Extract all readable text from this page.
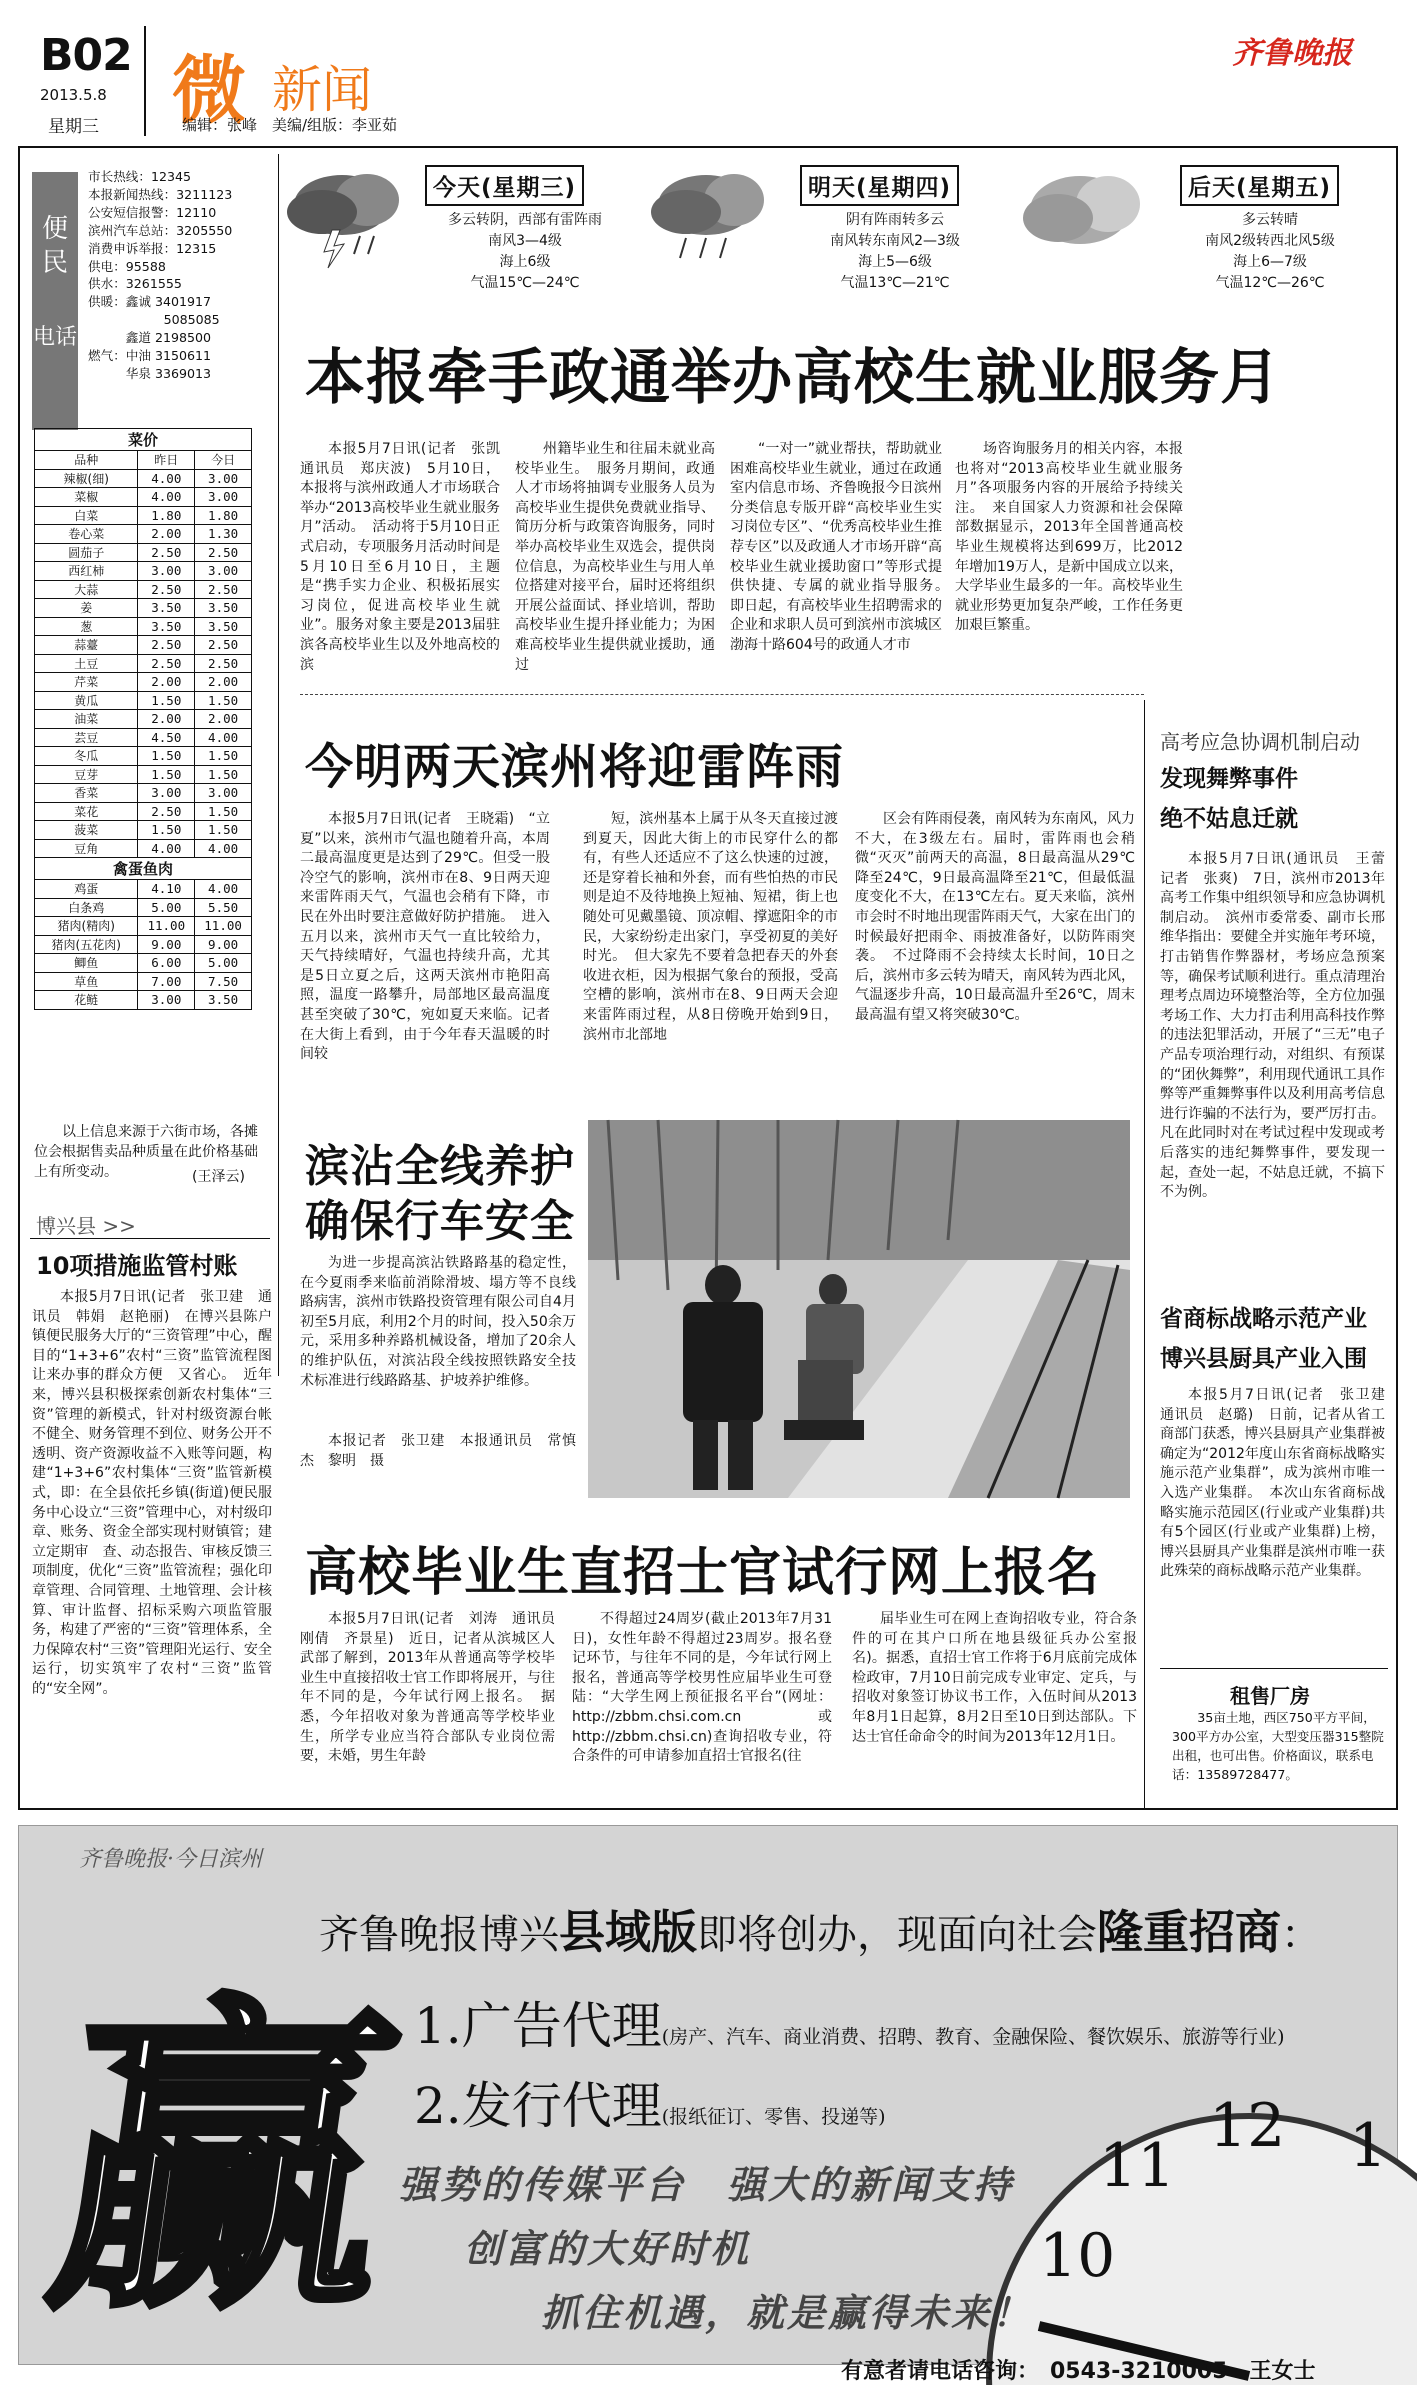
B02
2013.5.8
星期三 微 新闻
编辑：张峰　美编/组版：李亚茹
齐鲁晚报
便民
电话
市长热线：12345
本报新闻热线：3211123
公安短信报警：12110
滨州汽车总站：3205550
消费申诉举报：12315
供电：95588
供水：3261555
供暖：鑫诚 3401917
　　　　　　5085085
　　　鑫道 2198500
燃气：中油 3150611
　　　华泉 3369013
今天(星期三)
多云转阴，西部有雷阵雨
南风3—4级
海上6级
气温15℃—24℃
明天(星期四)
阴有阵雨转多云
南风转东南风2—3级
海上5—6级
气温13℃—21℃
后天(星期五)
多云转晴
南风2级转西北风5级
海上6—7级
气温12℃—26℃
本报牵手政通举办高校生就业服务月
本报5月7日讯(记者　张凯　通讯员　郑庆波)　5月10日，本报将与滨州政通人才市场联合举办“2013高校毕业生就业服务月”活动。　活动将于5月10日正式启动，专项服务月活动时间是5月10日至6月10日，主题是“携手实力企业、积极拓展实习岗位，促进高校毕业生就业”。服务对象主要是2013届驻滨各高校毕业生以及外地高校的滨
州籍毕业生和往届未就业高校毕业生。　服务月期间，政通人才市场将抽调专业服务人员为高校毕业生提供免费就业指导、简历分析与政策咨询服务，同时举办高校毕业生双选会，提供岗位信息，为高校毕业生与用人单位搭建对接平台，届时还将组织开展公益面试、择业培训，帮助高校毕业生提升择业能力；为困难高校毕业生提供就业援助，通过
“一对一”就业帮扶，帮助就业困难高校毕业生就业，通过在政通室内信息市场、齐鲁晚报今日滨州分类信息专版开辟“高校毕业生实习岗位专区”、“优秀高校毕业生推荐专区”以及政通人才市场开辟“高校毕业生就业援助窗口”等形式提供快捷、专属的就业指导服务。　即日起，有高校毕业生招聘需求的企业和求职人员可到滨州市滨城区渤海十路604号的政通人才市
场咨询服务月的相关内容，本报也将对“2013高校毕业生就业服务月”各项服务内容的开展给予持续关注。　来自国家人力资源和社会保障部数据显示，2013年全国普通高校毕业生规模将达到699万，比2012年增加19万人，是新中国成立以来，大学毕业生最多的一年。高校毕业生就业形势更加复杂严峻，工作任务更加艰巨繁重。
今明两天滨州将迎雷阵雨
本报5月7日讯(记者　王晓霜)　“立夏”以来，滨州市气温也随着升高，本周二最高温度更是达到了29℃。但受一股冷空气的影响，滨州市在8、9日两天迎来雷阵雨天气，气温也会稍有下降，市民在外出时要注意做好防护措施。　进入五月以来，滨州市天气一直比较给力，天气持续晴好，气温也持续升高，尤其是5日立夏之后，这两天滨州市艳阳高照，温度一路攀升，局部地区最高温度甚至突破了30℃，宛如夏天来临。记者在大街上看到，由于今年春天温暖的时间较
短，滨州基本上属于从冬天直接过渡到夏天，因此大街上的市民穿什么的都有，有些人还适应不了这么快速的过渡，还是穿着长袖和外套，而有些怕热的市民则是迫不及待地换上短袖、短裙，街上也随处可见戴墨镜、顶凉帽、撑遮阳伞的市民，大家纷纷走出家门，享受初夏的美好时光。　但大家先不要着急把春天的外套收进衣柜，因为根据气象台的预报，受高空槽的影响，滨州市在8、9日两天会迎来雷阵雨过程，从8日傍晚开始到9日，滨州市北部地
区会有阵雨侵袭，南风转为东南风，风力不大，在3级左右。届时，雷阵雨也会稍微“灭灭”前两天的高温，8日最高温从29℃降至24℃，9日最高温降至21℃，但最低温度变化不大，在13℃左右。夏天来临，滨州市会时不时地出现雷阵雨天气，大家在出门的时候最好把雨伞、雨披准备好，以防阵雨突袭。　不过降雨不会持续太长时间，10日之后，滨州市多云转为晴天，南风转为西北风，气温逐步升高，10日最高温升至26℃，周末最高温有望又将突破30℃。
滨沾全线养护
确保行车安全
为进一步提高滨沾铁路路基的稳定性，在今夏雨季来临前消除滑坡、塌方等不良线路病害，滨州市铁路投资管理有限公司自4月初至5月底，利用2个月的时间，投入50余万元，采用多种养路机械设备，增加了20余人的维护队伍，对滨沾段全线按照铁路安全技术标准进行线路路基、护坡养护维修。
本报记者　张卫建　本报通讯员　常慎杰　黎明　摄
高校毕业生直招士官试行网上报名
本报5月7日讯(记者　刘涛　通讯员　刚倩　齐景星)　近日，记者从滨城区人武部了解到，2013年从普通高等学校毕业生中直接招收士官工作即将展开，与往年不同的是，今年试行网上报名。　据悉，今年招收对象为普通高等学校毕业生，所学专业应当符合部队专业岗位需要，未婚，男生年龄
不得超过24周岁(截止2013年7月31日)，女性年龄不得超过23周岁。报名登记环节，与往年不同的是，今年试行网上报名，普通高等学校男性应届毕业生可登陆：“大学生网上预征报名平台”(网址：http://zbbm.chsi.com.cn或http://zbbm.chsi.cn)查询招收专业，符合条件的可申请参加直招士官报名(往
届毕业生可在网上查询招收专业，符合条件的可在其户口所在地县级征兵办公室报名)。据悉，直招士官工作将于6月底前完成体检政审，7月10日前完成专业审定、定兵，与招收对象签订协议书工作，入伍时间从2013年8月1日起算，8月2日至10日到达部队。下达士官任命命令的时间为2013年12月1日。
菜价		
品种	昨日	今日
辣椒(细)	4.00	3.00
菜椒	4.00	3.00
白菜	1.80	1.80
卷心菜	2.00	1.30
圆茄子	2.50	2.50
西红柿	3.00	3.00
大蒜	2.50	2.50
姜	3.50	3.50
葱	3.50	3.50
蒜薹	2.50	2.50
土豆	2.50	2.50
芹菜	2.00	2.00
黄瓜	1.50	1.50
油菜	2.00	2.00
芸豆	4.50	4.00
冬瓜	1.50	1.50
豆芽	1.50	1.50
香菜	3.00	3.00
菜花	2.50	1.50
菠菜	1.50	1.50
豆角	4.00	4.00
禽蛋鱼肉		
鸡蛋	4.10	4.00
白条鸡	5.00	5.50
猪肉(精肉)	11.00	11.00
猪肉(五花肉)	9.00	9.00
鲫鱼	6.00	5.00
草鱼	7.00	7.50
花鲢	3.00	3.50
以上信息来源于六街市场，各摊位会根据售卖品种质量在此价格基础上有所变动。	(王泽云)
博兴县 >>
10项措施监管村账
本报5月7日讯(记者　张卫建　通讯员　韩娟　赵艳丽)　在博兴县陈户镇便民服务大厅的“三资管理”中心，醒目的“1+3+6”农村“三资”监管流程图让来办事的群众方便　又省心。　近年来，博兴县积极探索创新农村集体“三资”管理的新模式，针对村级资源台帐不健全、财务管理不到位、财务公开不透明、资产资源收益不入账等问题，构建“1+3+6”农村集体“三资”监管新模式，即：在全县依托乡镇(街道)便民服务中心设立“三资”管理中心，对村级印章、账务、资金全部实现村财镇管；建立定期审　查、动态报告、审核反馈三项制度，优化“三资”监管流程；强化印章管理、合同管理、土地管理、会计核算、审计监督、招标采购六项监管服务，构建了严密的“三资”管理体系，全力保障农村“三资”管理阳光运行、安全运行，切实筑牢了农村“三资”监管的“安全网”。
高考应急协调机制启动
发现舞弊事件
绝不姑息迁就
本报5月7日讯(通讯员　王蕾　记者　张爽)　7日，滨州市2013年高考工作集中组织领导和应急协调机制启动。　滨州市委常委、副市长邢维华指出：要健全并实施年考环境，打击销售作弊器材，考场应急预案等，确保考试顺利进行。重点清理治理考点周边环境整治等，全方位加强考场工作、大力打击利用高科技作弊的违法犯罪活动，开展了“三无”电子产品专项治理行动，对组织、有预谋的“团伙舞弊”，利用现代通讯工具作弊等严重舞弊事件以及利用高考信息进行诈骗的不法行为，要严厉打击。凡在此同时对在考试过程中发现或考后落实的违纪舞弊事件，要发现一起，查处一起，不姑息迁就，不搞下不为例。
省商标战略示范产业
博兴县厨具产业入围
本报5月7日讯(记者　张卫建　通讯员　赵璐)　日前，记者从省工商部门获悉，博兴县厨具产业集群被确定为“2012年度山东省商标战略实施示范产业集群”，成为滨州市唯一入选产业集群。　本次山东省商标战略实施示范园区(行业或产业集群)共有5个园区(行业或产业集群)上榜，博兴县厨具产业集群是滨州市唯一获此殊荣的商标战略示范产业集群。
租售厂房
35亩土地，西区750平方平间，300平方办公室，大型变压器315整院出租，也可出售。价格面议，联系电话：13589728477。
齐鲁晚报·今日滨州
10
11
12 1
赢
齐鲁晚报博兴县域版即将创办，现面向社会隆重招商：
1.广告代理(房产、汽车、商业消费、招聘、教育、金融保险、餐饮娱乐、旅游等行业)
2.发行代理(报纸征订、零售、投递等)
强势的传媒平台　强大的新闻支持
创富的大好时机
抓住机遇，就是赢得未来！
有意者请电话咨询：　0543-3210005　王女士
